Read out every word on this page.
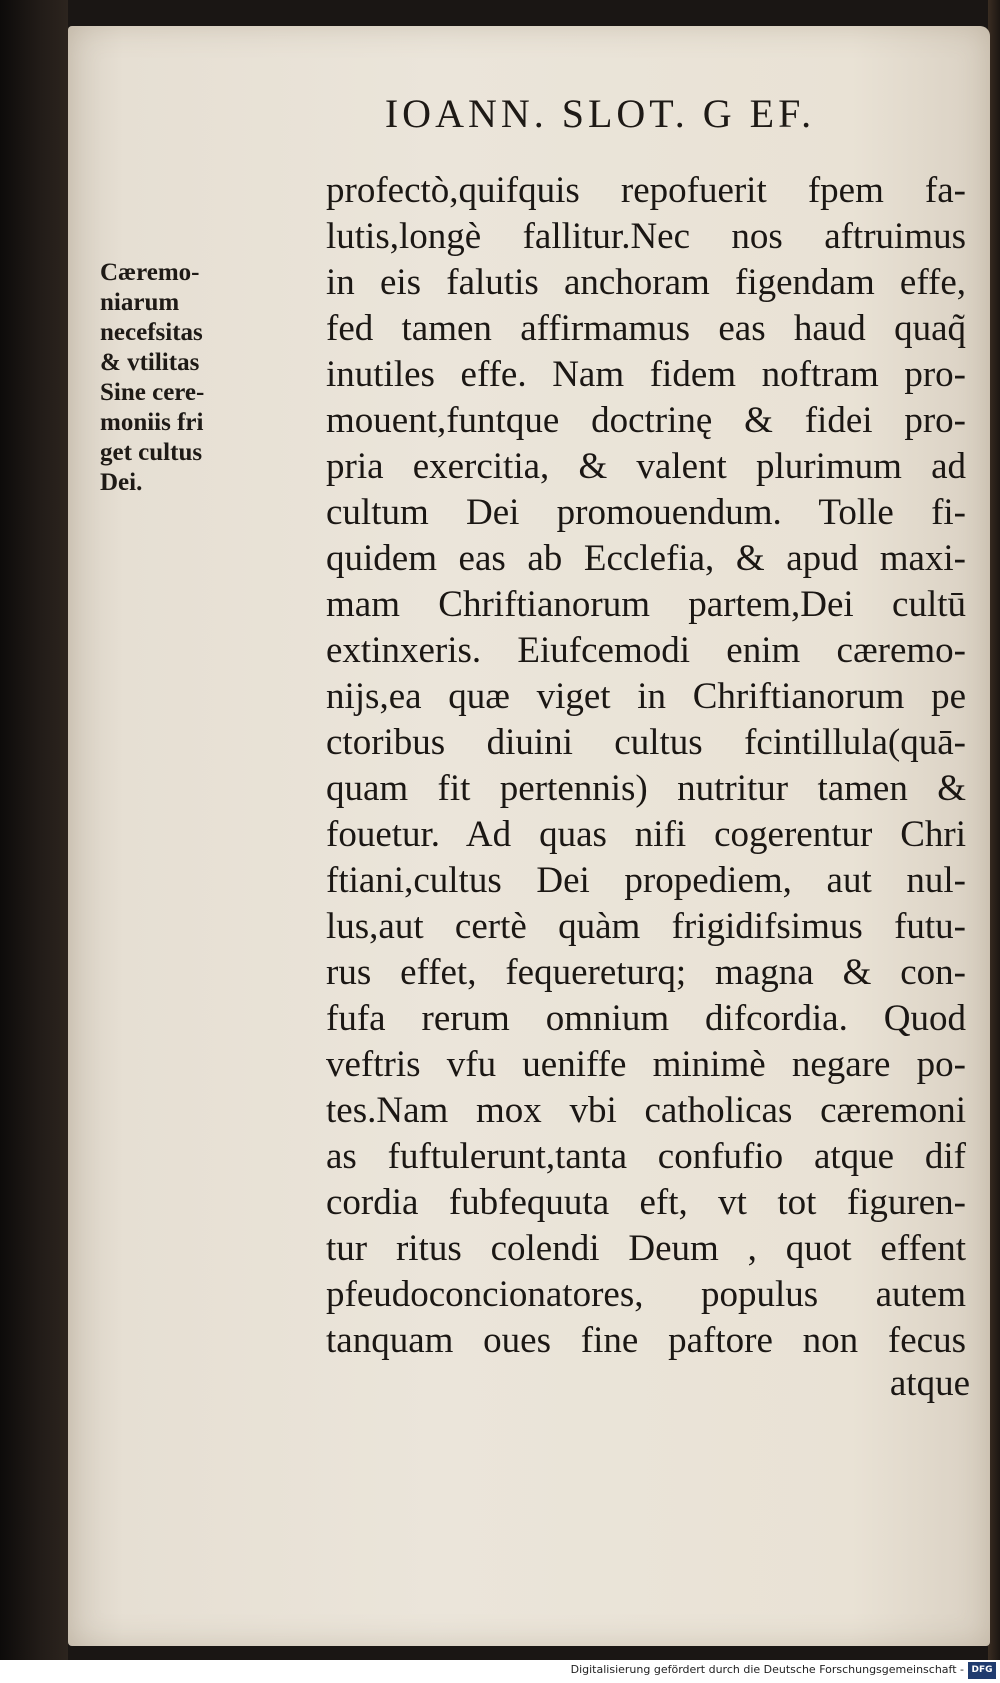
IOANN. SLOT. G EF.
Cæremo-
niarum
necefsitas
& vtilitas
Sine cere-
moniis fri
get cultus
Dei.
profectò,quifquis repofuerit fpem fa-
lutis,longè fallitur.Nec nos aftruimus
in eis falutis anchoram figendam effe,
fed tamen affirmamus eas haud quaq̃
inutiles effe. Nam fidem noftram pro-
mouent,funtque doctrinę & fidei pro-
pria exercitia, & valent plurimum ad
cultum Dei promouendum. Tolle fi-
quidem eas ab Ecclefia, & apud maxi-
mam Chriftianorum partem,Dei cultū
extinxeris. Eiufcemodi enim cæremo-
nijs,ea quæ viget in Chriftianorum pe
ctoribus diuini cultus fcintillula(quā-
quam fit pertennis) nutritur tamen &
fouetur. Ad quas nifi cogerentur Chri
ftiani,cultus Dei propediem, aut nul-
lus,aut certè quàm frigidifsimus futu-
rus effet, fequereturq; magna & con-
fufa rerum omnium difcordia. Quod
veftris vfu ueniffe minimè negare po-
tes.Nam mox vbi catholicas cæremoni
as fuftulerunt,tanta confufio atque dif
cordia fubfequuta eft, vt tot figuren-
tur ritus colendi Deum , quot effent
pfeudoconcionatores, populus autem
tanquam oues fine paftore non fecus
atque
Digitalisierung gefördert durch die Deutsche Forschungsgemeinschaft - DFG
